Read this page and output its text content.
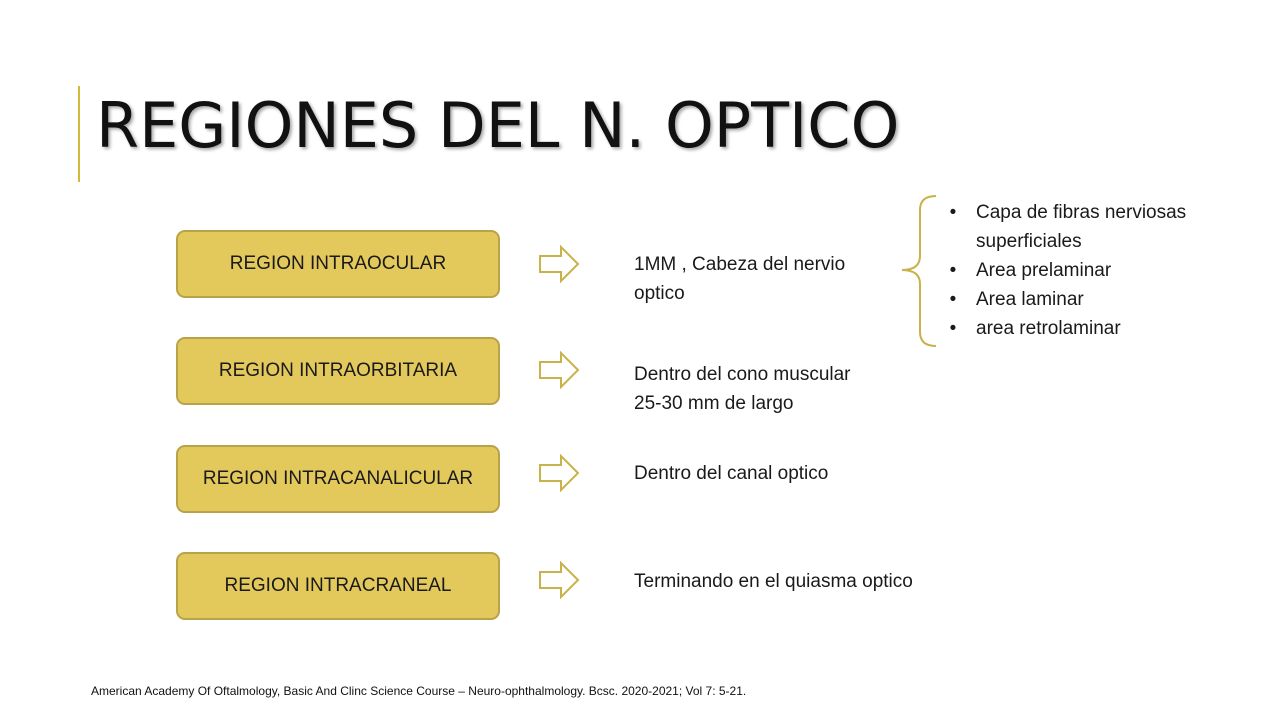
REGIONES DEL N. OPTICO
REGION INTRAOCULAR
REGION INTRAORBITARIA
REGION INTRACANALICULAR
REGION INTRACRANEAL
1MM , Cabeza del nervio
optico
Dentro del cono muscular
25-30 mm de largo
Dentro del canal optico
Terminando en el quiasma optico
• Capa de fibras nerviosas
superficiales
• Area prelaminar
• Area laminar
• area retrolaminar
American Academy Of Oftalmology, Basic And Clinc Science Course – Neuro-ophthalmology. Bcsc. 2020-2021; Vol 7: 5-21.
